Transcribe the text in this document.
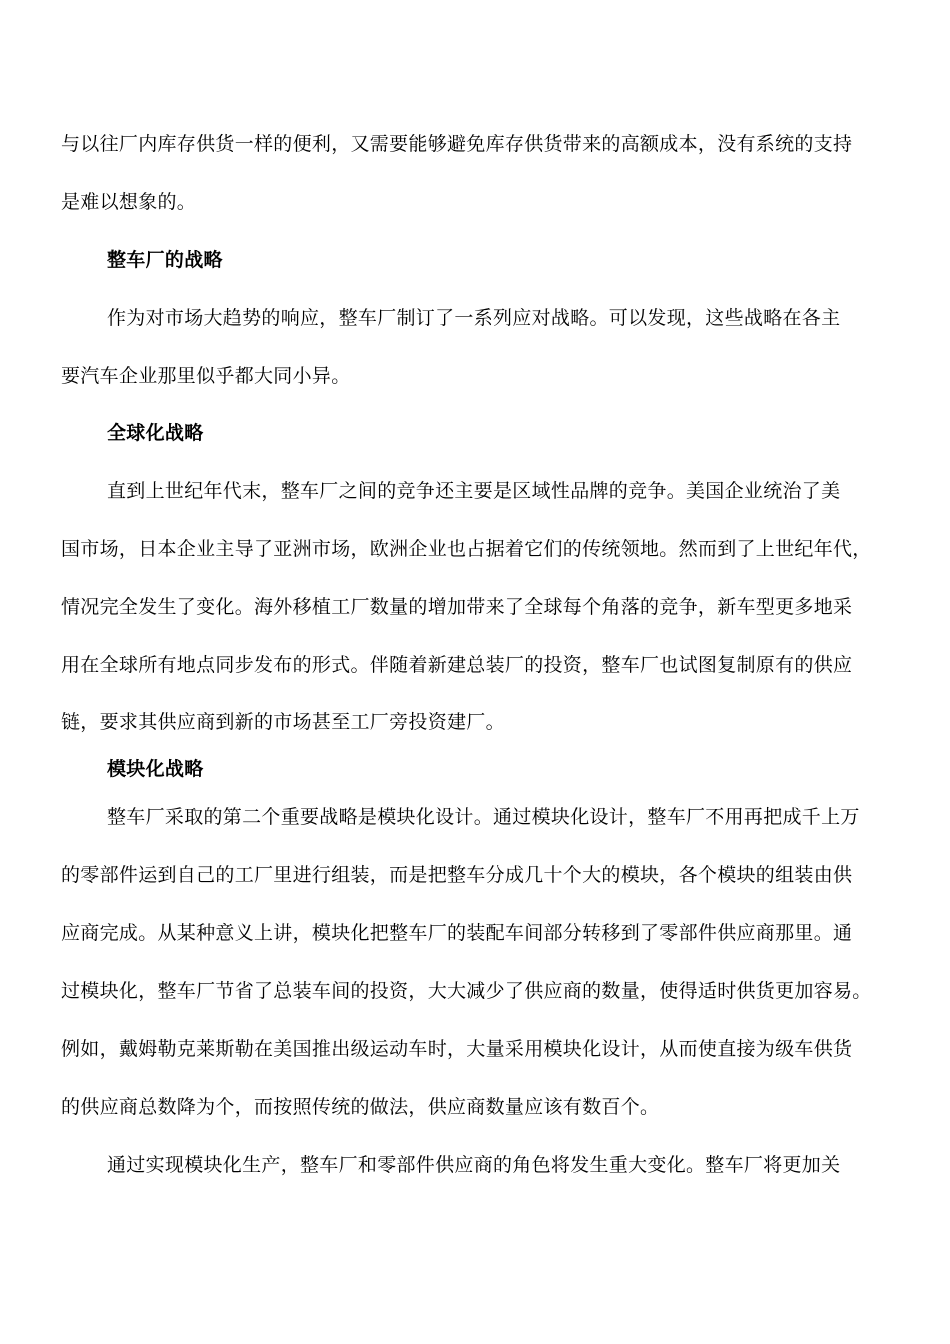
与以往厂内库存供货一样的便利，又需要能够避免库存供货带来的高额成本，没有系统的支持
是难以想象的。
整车厂的战略
作为对市场大趋势的响应，整车厂制订了一系列应对战略。可以发现，这些战略在各主
要汽车企业那里似乎都大同小异。
全球化战略
直到上世纪年代末，整车厂之间的竞争还主要是区域性品牌的竞争。美国企业统治了美
国市场，日本企业主导了亚洲市场，欧洲企业也占据着它们的传统领地。然而到了上世纪年代，
情况完全发生了变化。海外移植工厂数量的增加带来了全球每个角落的竞争，新车型更多地采
用在全球所有地点同步发布的形式。伴随着新建总装厂的投资，整车厂也试图复制原有的供应
链，要求其供应商到新的市场甚至工厂旁投资建厂。
模块化战略
整车厂采取的第二个重要战略是模块化设计。通过模块化设计，整车厂不用再把成千上万
的零部件运到自己的工厂里进行组装，而是把整车分成几十个大的模块，各个模块的组装由供
应商完成。从某种意义上讲，模块化把整车厂的装配车间部分转移到了零部件供应商那里。通
过模块化，整车厂节省了总装车间的投资，大大减少了供应商的数量，使得适时供货更加容易。
例如，戴姆勒克莱斯勒在美国推出级运动车时，大量采用模块化设计，从而使直接为级车供货
的供应商总数降为个，而按照传统的做法，供应商数量应该有数百个。
通过实现模块化生产，整车厂和零部件供应商的角色将发生重大变化。整车厂将更加关
